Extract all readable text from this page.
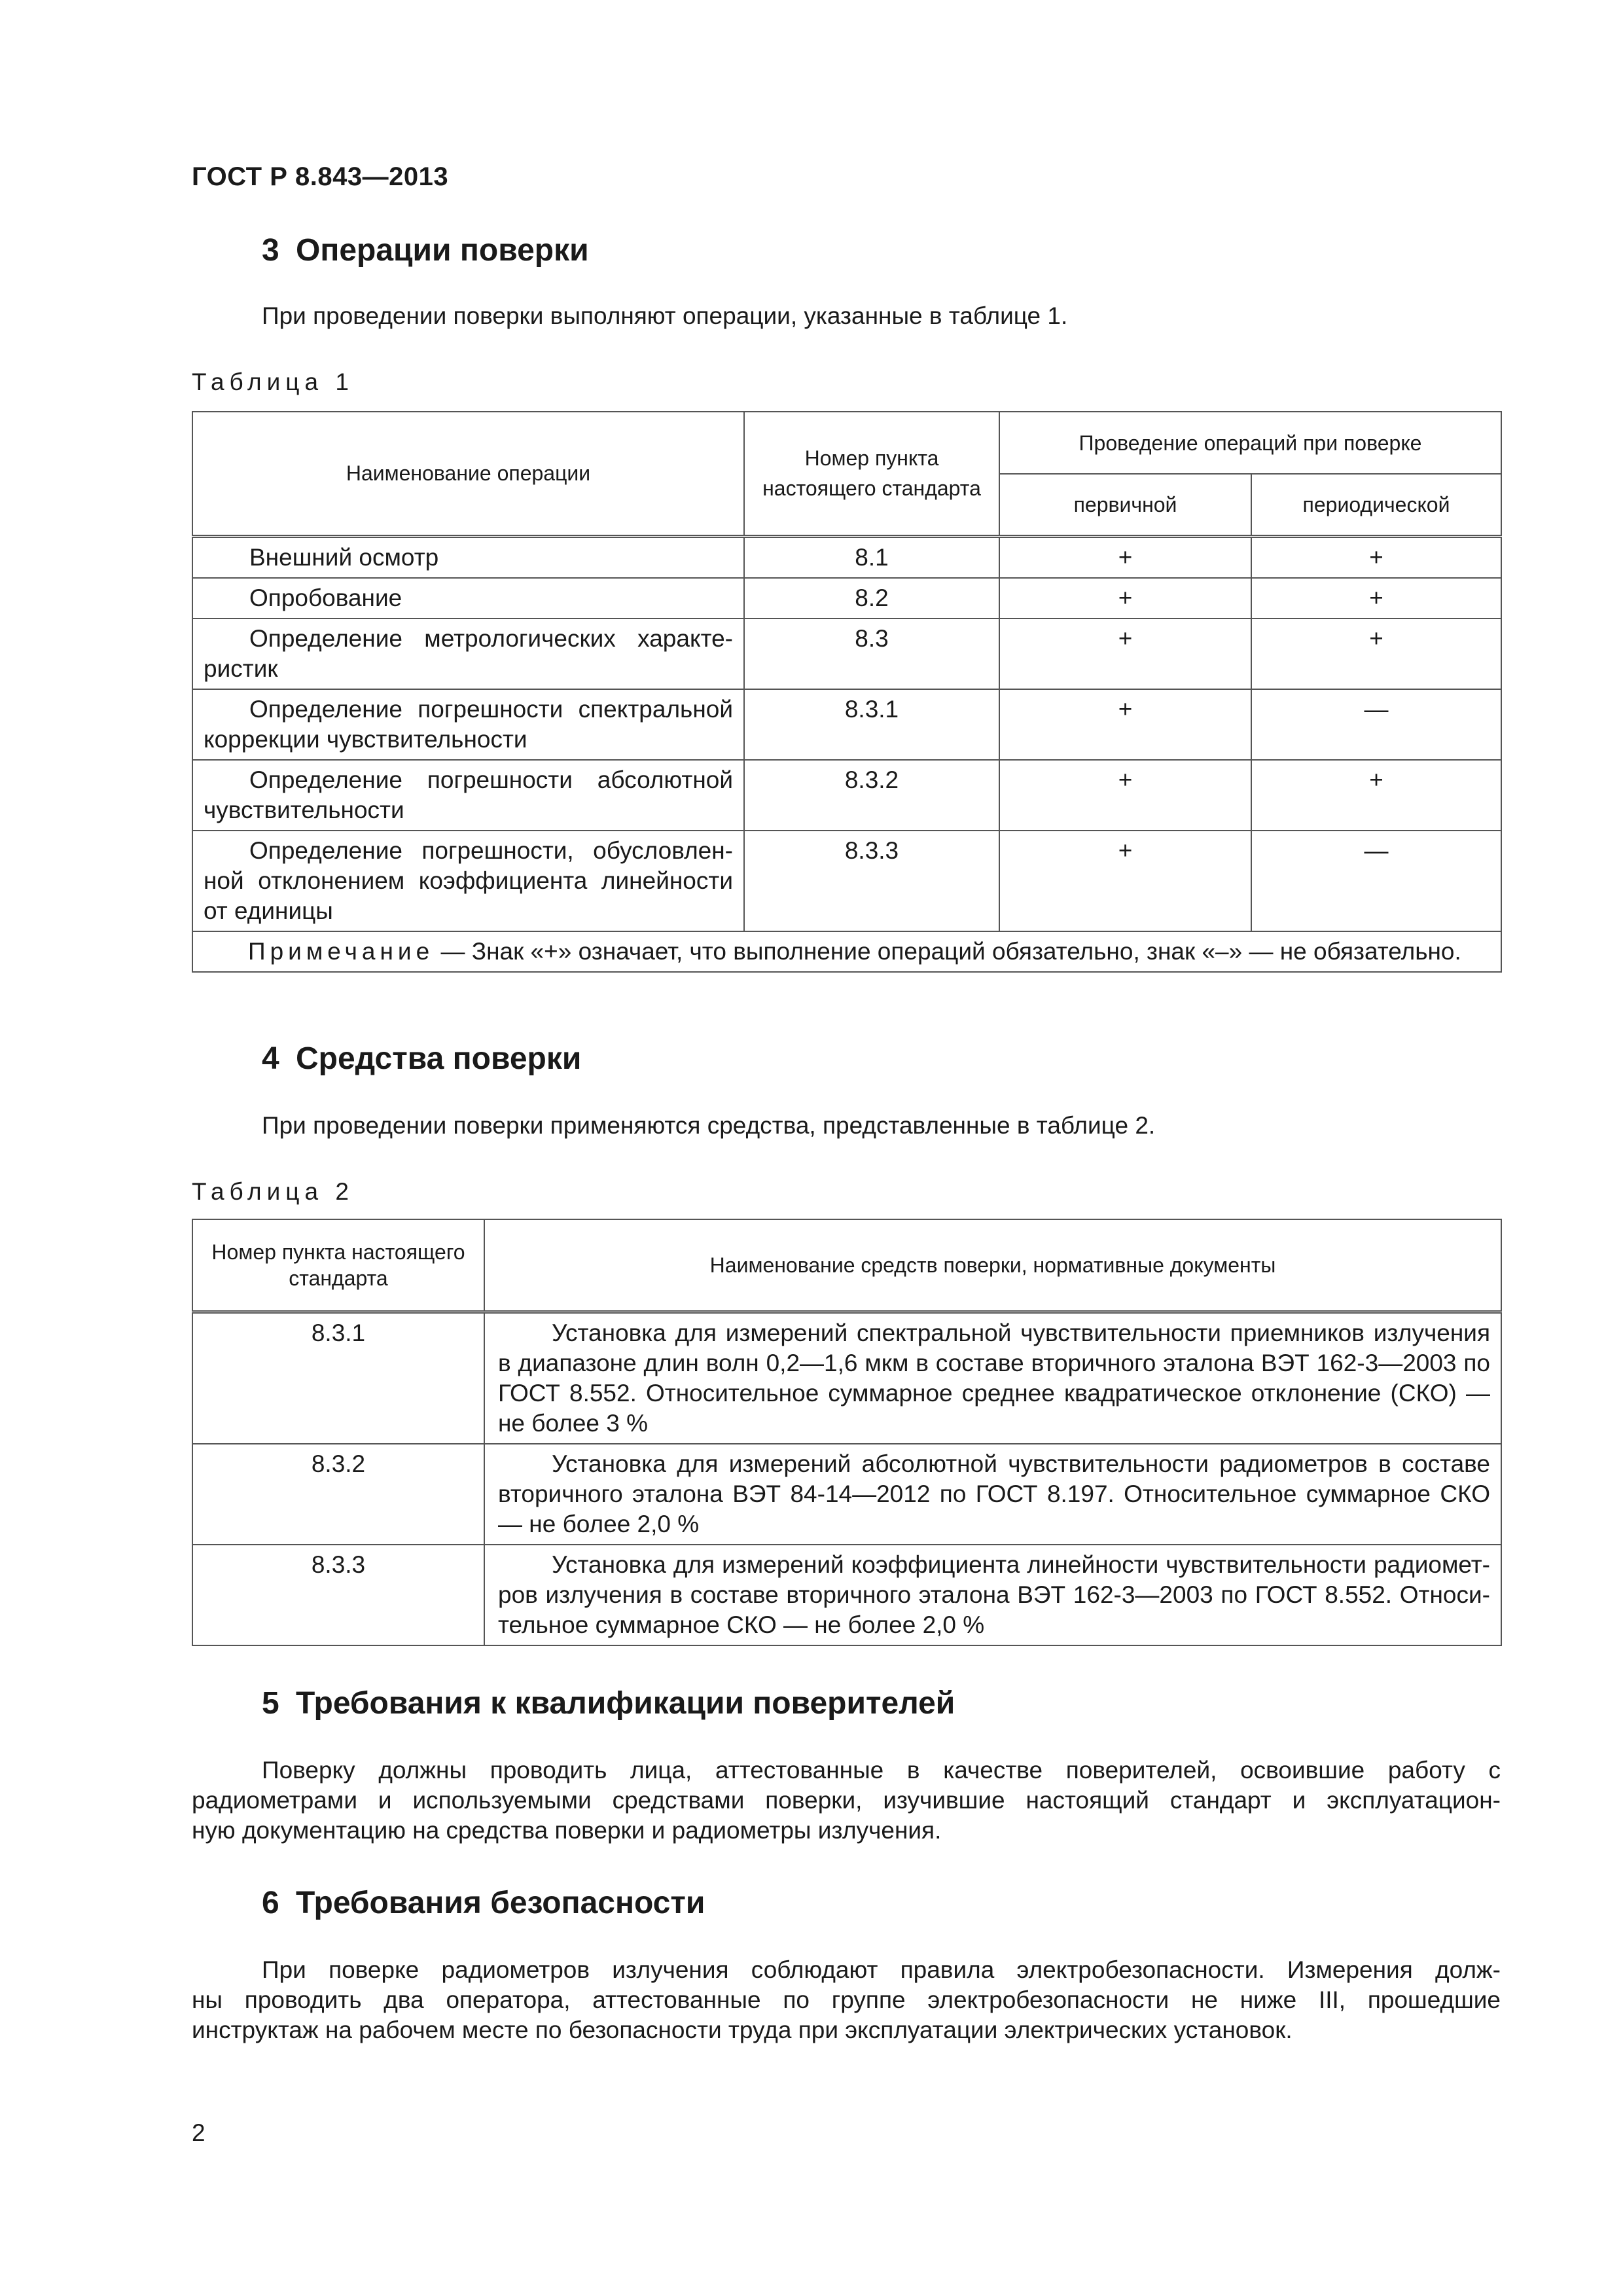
ГОСТ Р 8.843—2013
3 Операции поверки
При проведении поверки выполняют операции, указанные в таблице 1.
Таблица 1
Наименование операции	Номер пункта настоящего стандарта	Проведение операций при поверке	
		первичной	периодической
Внешний осмотр	8.1	+	+
Опробование	8.2	+	+
Определение метрологических характе-ристик	8.3	+	+
Определение погрешности спектральной коррекции чувствительности	8.3.1	+	—
Определение погрешности абсолютной чувствительности	8.3.2	+	+
Определение погрешности, обусловлен-ной отклонением коэффициента линейности от единицы	8.3.3	+	—
Примечание — Знак «+» означает, что выполнение операций обязательно, знак «–» — не обязательно.			
4 Средства поверки
При проведении поверки применяются средства, представленные в таблице 2.
Таблица 2
Номер пункта настоящего стандарта	Наименование средств поверки, нормативные документы
8.3.1	Установка для измерений спектральной чувствительности приемников излучения в диапазоне длин волн 0,2—1,6 мкм в составе вторичного эталона ВЭТ 162-3—2003 по ГОСТ 8.552. Относительное суммарное среднее квадратическое отклонение (СКО) — не более 3 %
8.3.2	Установка для измерений абсолютной чувствительности радиометров в составе вторичного эталона ВЭТ 84-14—2012 по ГОСТ 8.197. Относительное суммарное СКО — не более 2,0 %
8.3.3	Установка для измерений коэффициента линейности чувствительности радиомет-ров излучения в составе вторичного эталона ВЭТ 162-3—2003 по ГОСТ 8.552. Относи-тельное суммарное СКО — не более 2,0 %
5 Требования к квалификации поверителей
Поверку должны проводить лица, аттестованные в качестве поверителей, освоившие работу с
радиометрами и используемыми средствами поверки, изучившие настоящий стандарт и эксплуатацион-
ную документацию на средства поверки и радиометры излучения.
6 Требования безопасности
При поверке радиометров излучения соблюдают правила электробезопасности. Измерения долж-
ны проводить два оператора, аттестованные по группе электробезопасности не ниже III, прошедшие
инструктаж на рабочем месте по безопасности труда при эксплуатации электрических установок.
2
